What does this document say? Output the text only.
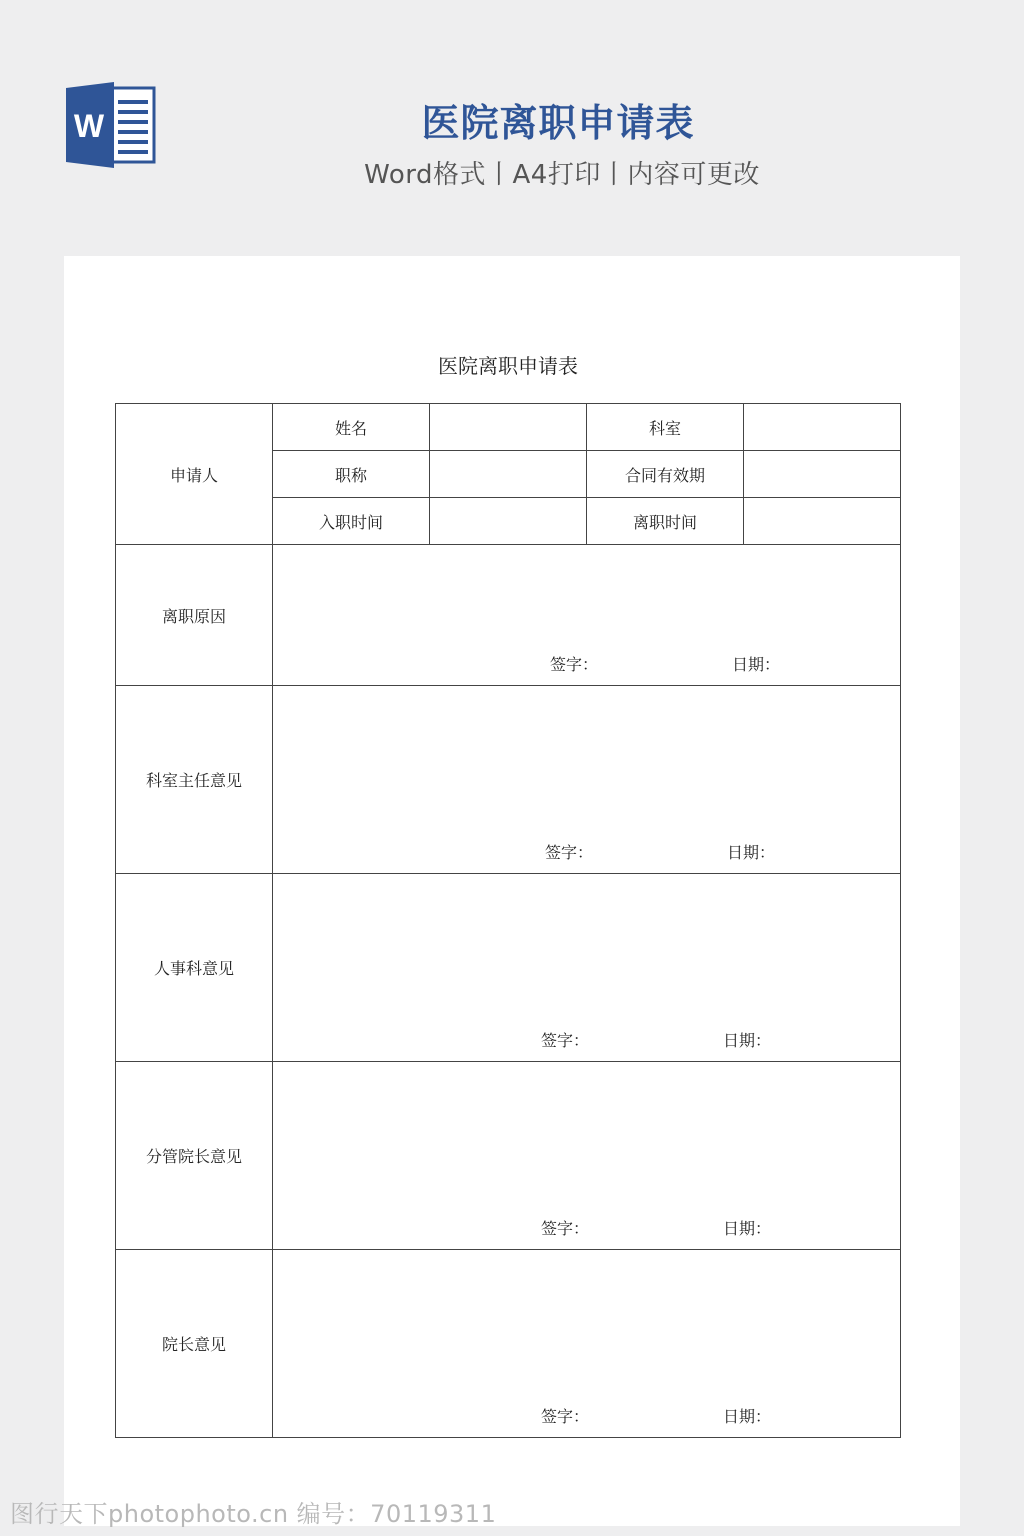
W	医院离职申请表
Word格式丨A4打印丨内容可更改
医院离职申请表
申请人	姓名		科室	
	职称		合同有效期	
	入职时间		离职时间	
离职原因	签字： 日期：			

科室主任意见	签字： 日期：			

人事科意见	签字： 日期：			

分管院长意见	签字： 日期：			

院长意见	签字： 日期：			
图行天下photophoto.cn 编号：70119311
